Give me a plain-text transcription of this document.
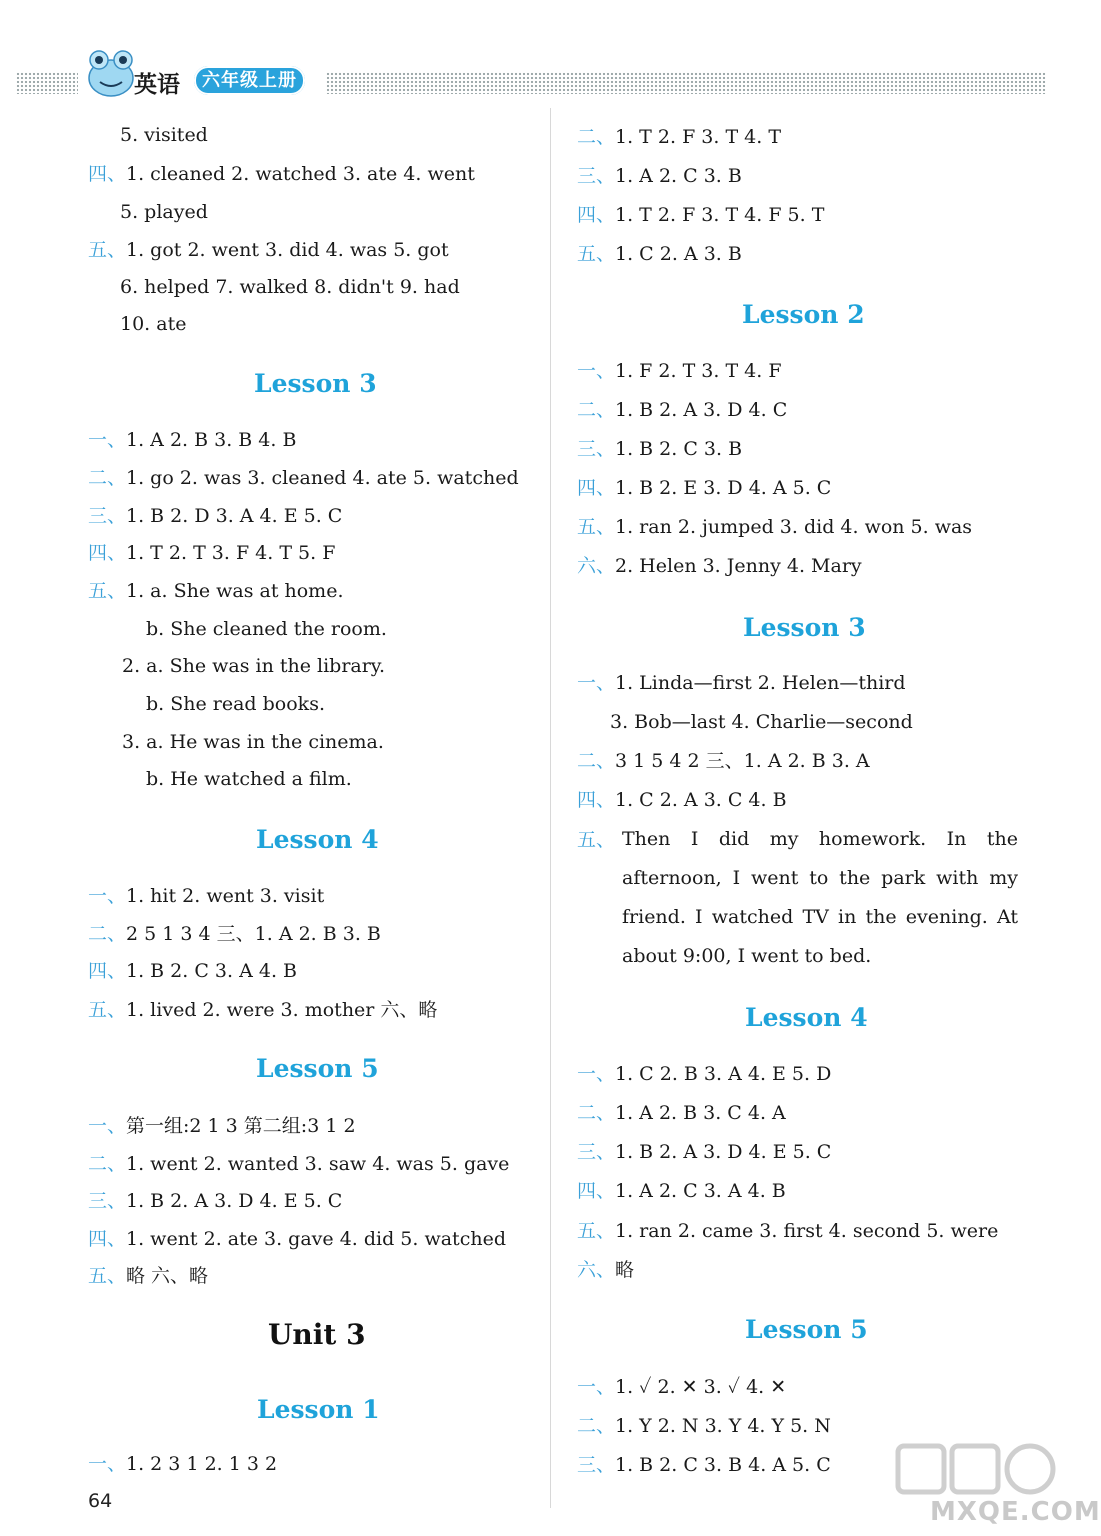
英语	六年级上册
5. visited
四、1. cleaned 2. watched 3. ate 4. went
5. played
五、1. got 2. went 3. did 4. was 5. got
6. helped 7. walked 8. didn't 9. had
10. ate
Lesson 3
一、1. A 2. B 3. B 4. B
二、1. go 2. was 3. cleaned 4. ate 5. watched
三、1. B 2. D 3. A 4. E 5. C
四、1. T 2. T 3. F 4. T 5. F
五、1. a. She was at home.
b. She cleaned the room.
2. a. She was in the library.
b. She read books.
3. a. He was in the cinema.
b. He watched a film.
Lesson 4
一、1. hit 2. went 3. visit
二、2 5 1 3 4 三、1. A 2. B 3. B
四、1. B 2. C 3. A 4. B
五、1. lived 2. were 3. mother 六、略
Lesson 5
一、第一组:2 1 3 第二组:3 1 2
二、1. went 2. wanted 3. saw 4. was 5. gave
三、1. B 2. A 3. D 4. E 5. C
四、1. went 2. ate 3. gave 4. did 5. watched
五、略 六、略
Unit 3
Lesson 1
一、1. 2 3 1 2. 1 3 2
二、1. T 2. F 3. T 4. T
三、1. A 2. C 3. B
四、1. T 2. F 3. T 4. F 5. T
五、1. C 2. A 3. B
Lesson 2
一、1. F 2. T 3. T 4. F
二、1. B 2. A 3. D 4. C
三、1. B 2. C 3. B
四、1. B 2. E 3. D 4. A 5. C
五、1. ran 2. jumped 3. did 4. won 5. was
六、2. Helen 3. Jenny 4. Mary
Lesson 3
一、1. Linda—first 2. Helen—third
3. Bob—last 4. Charlie—second
二、3 1 5 4 2 三、1. A 2. B 3. A
四、1. C 2. A 3. C 4. B
五、 Then I did my homework. In the afternoon, I went to the park with my friend. I watched TV in the evening. At about 9:00, I went to bed.
Lesson 4
一、1. C 2. B 3. A 4. E 5. D
二、1. A 2. B 3. C 4. A
三、1. B 2. A 3. D 4. E 5. C
四、1. A 2. C 3. A 4. B
五、1. ran 2. came 3. first 4. second 5. were
六、略
Lesson 5
一、1. ✓ 2. ✕ 3. ✓ 4. ✕
二、1. Y 2. N 3. Y 4. Y 5. N
三、1. B 2. C 3. B 4. A 5. C
64	MXQE.COM
